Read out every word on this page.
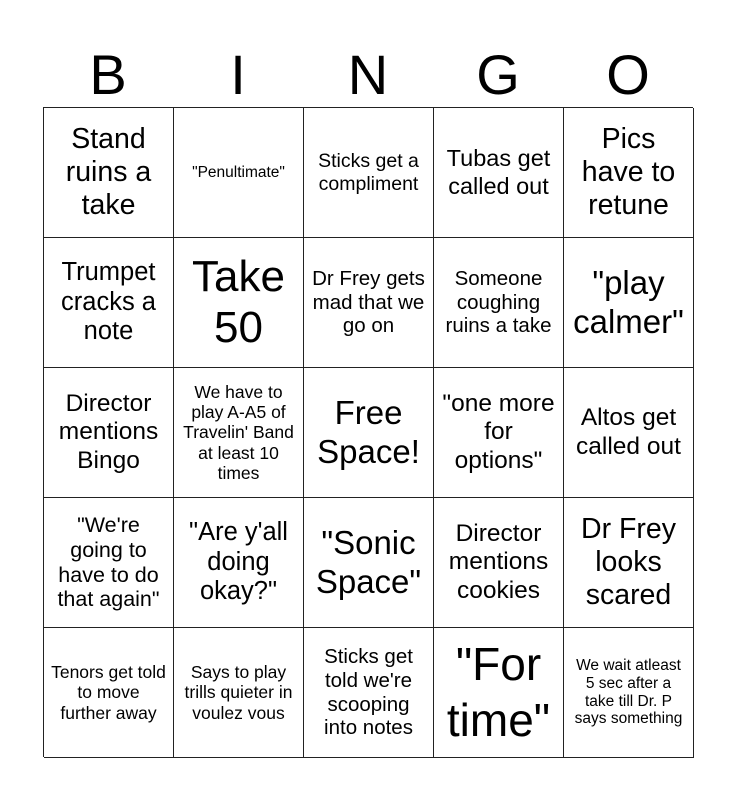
B	I	N	G	O
Stand ruins a take
"Penultimate"
Sticks get a compliment
Tubas get called out
Pics have to retune
Trumpet cracks a note
Take 50
Dr Frey gets mad that we go on
Someone coughing ruins a take
"play calmer"
Director mentions Bingo
We have to play A-A5 of Travelin' Band at least 10 times
Free Space!
"one more for options"
Altos get called out
"We're going to have to do that again"
"Are y'all doing okay?"
"Sonic Space"
Director mentions cookies
Dr Frey looks scared
Tenors get told to move further away
Says to play trills quieter in voulez vous
Sticks get told we're scooping into notes
"For time"
We wait atleast 5 sec after a take till Dr. P says something
